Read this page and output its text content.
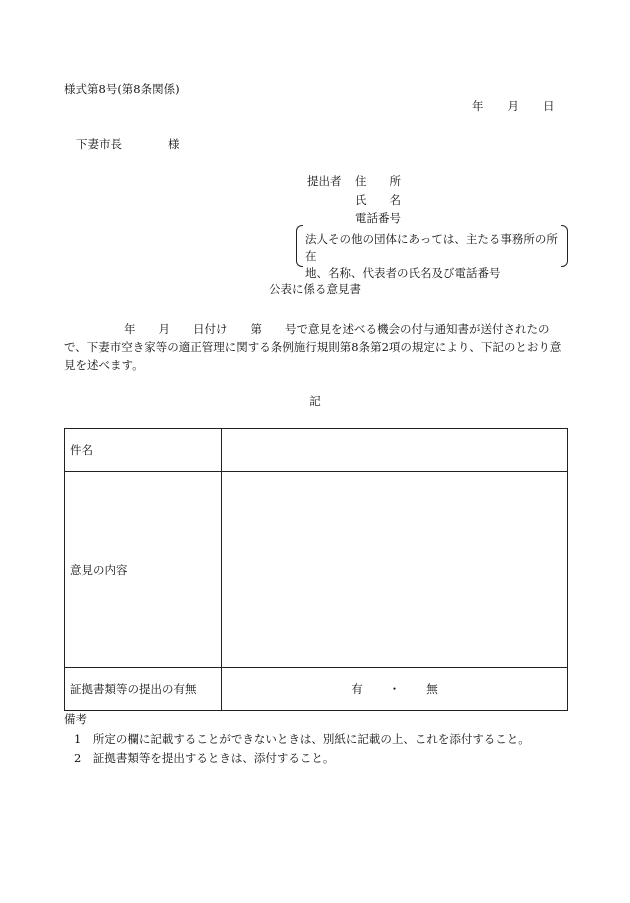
様式第8号(第8条関係)
年 月 日
下妻市長	様
提出者 住　　所
氏　　名
電話番号
法人その他の団体にあっては、主たる事務所の所在
地、名称、代表者の氏名及び電話番号
公表に係る意見書
年　　月　　日付け　　第　　号で意見を述べる機会の付与通知書が送付されたの
で、下妻市空き家等の適正管理に関する条例施行規則第8条第2項の規定により、下記のとおり意
見を述べます。
記
件名	
意見の内容	
証拠書類等の提出の有無	有 ・ 無
備考
1　所定の欄に記載することができないときは、別紙に記載の上、これを添付すること。
2　証拠書類等を提出するときは、添付すること。
